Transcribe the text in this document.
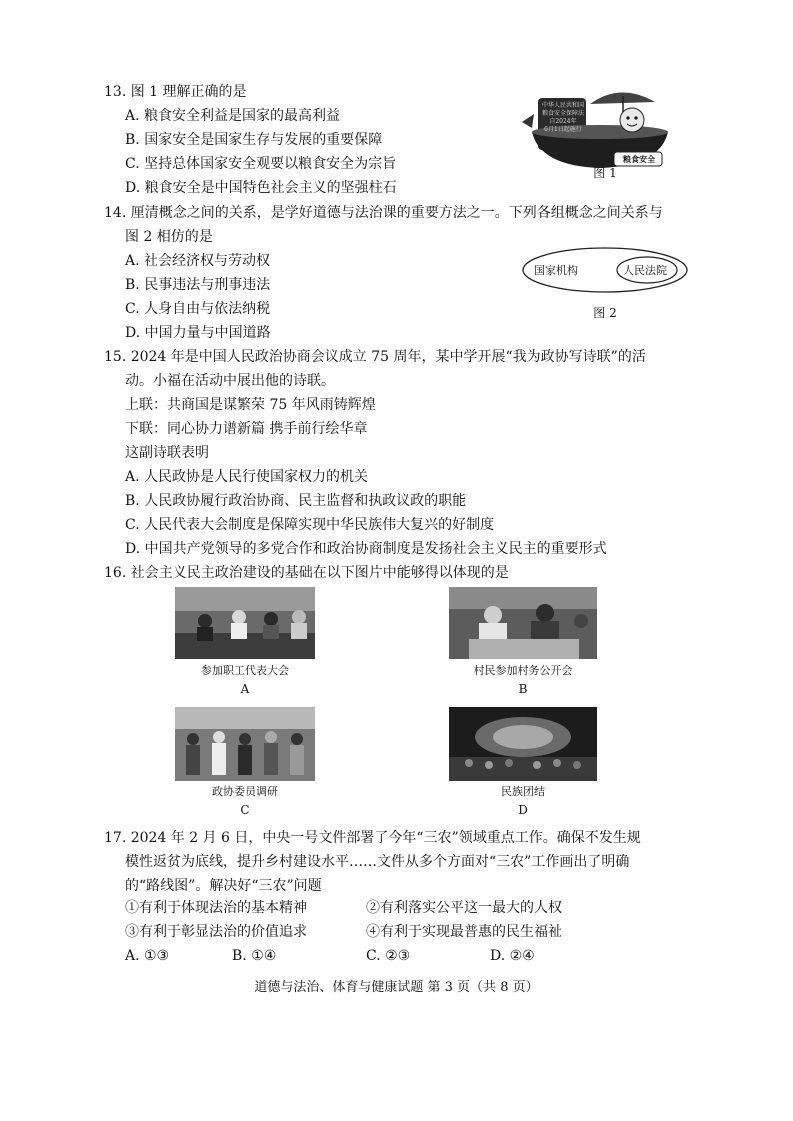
13. 图 1 理解正确的是
A. 粮食安全利益是国家的最高利益
B. 国家安全是国家生存与发展的重要保障
C. 坚持总体国家安全观要以粮食安全为宗旨
D. 粮食安全是中国特色社会主义的坚强柱石
中华人民共和国
粮食安全保障法
自2024年
6月1日起施行
粮食安全
图 1
14. 厘清概念之间的关系，是学好道德与法治课的重要方法之一。下列各组概念之间关系与
图 2 相仿的是
A. 社会经济权与劳动权
B. 民事违法与刑事违法
C. 人身自由与依法纳税
D. 中国力量与中国道路
国家机构	人民法院
图 2
15. 2024 年是中国人民政治协商会议成立 75 周年，某中学开展“我为政协写诗联”的活
动。小福在活动中展出他的诗联。
上联：共商国是谋繁荣 75 年风雨铸辉煌
下联：同心协力谱新篇 携手前行绘华章
这副诗联表明
A. 人民政协是人民行使国家权力的机关
B. 人民政协履行政治协商、民主监督和执政议政的职能
C. 人民代表大会制度是保障实现中华民族伟大复兴的好制度
D. 中国共产党领导的多党合作和政治协商制度是发扬社会主义民主的重要形式
16. 社会主义民主政治建设的基础在以下图片中能够得以体现的是
参加职工代表大会
A
村民参加村务公开会
B
政协委员调研
C
民族团结
D
17. 2024 年 2 月 6 日，中央一号文件部署了今年“三农”领域重点工作。确保不发生规
模性返贫为底线，提升乡村建设水平……文件从多个方面对“三农”工作画出了明确
的“路线图”。解决好“三农”问题
①有利于体现法治的基本精神	②有利落实公平这一最大的人权
③有利于彰显法治的价值追求	④有利于实现最普惠的民生福祉
A. ①③	B. ①④	C. ②③	D. ②④
道德与法治、体育与健康试题 第 3 页（共 8 页）
